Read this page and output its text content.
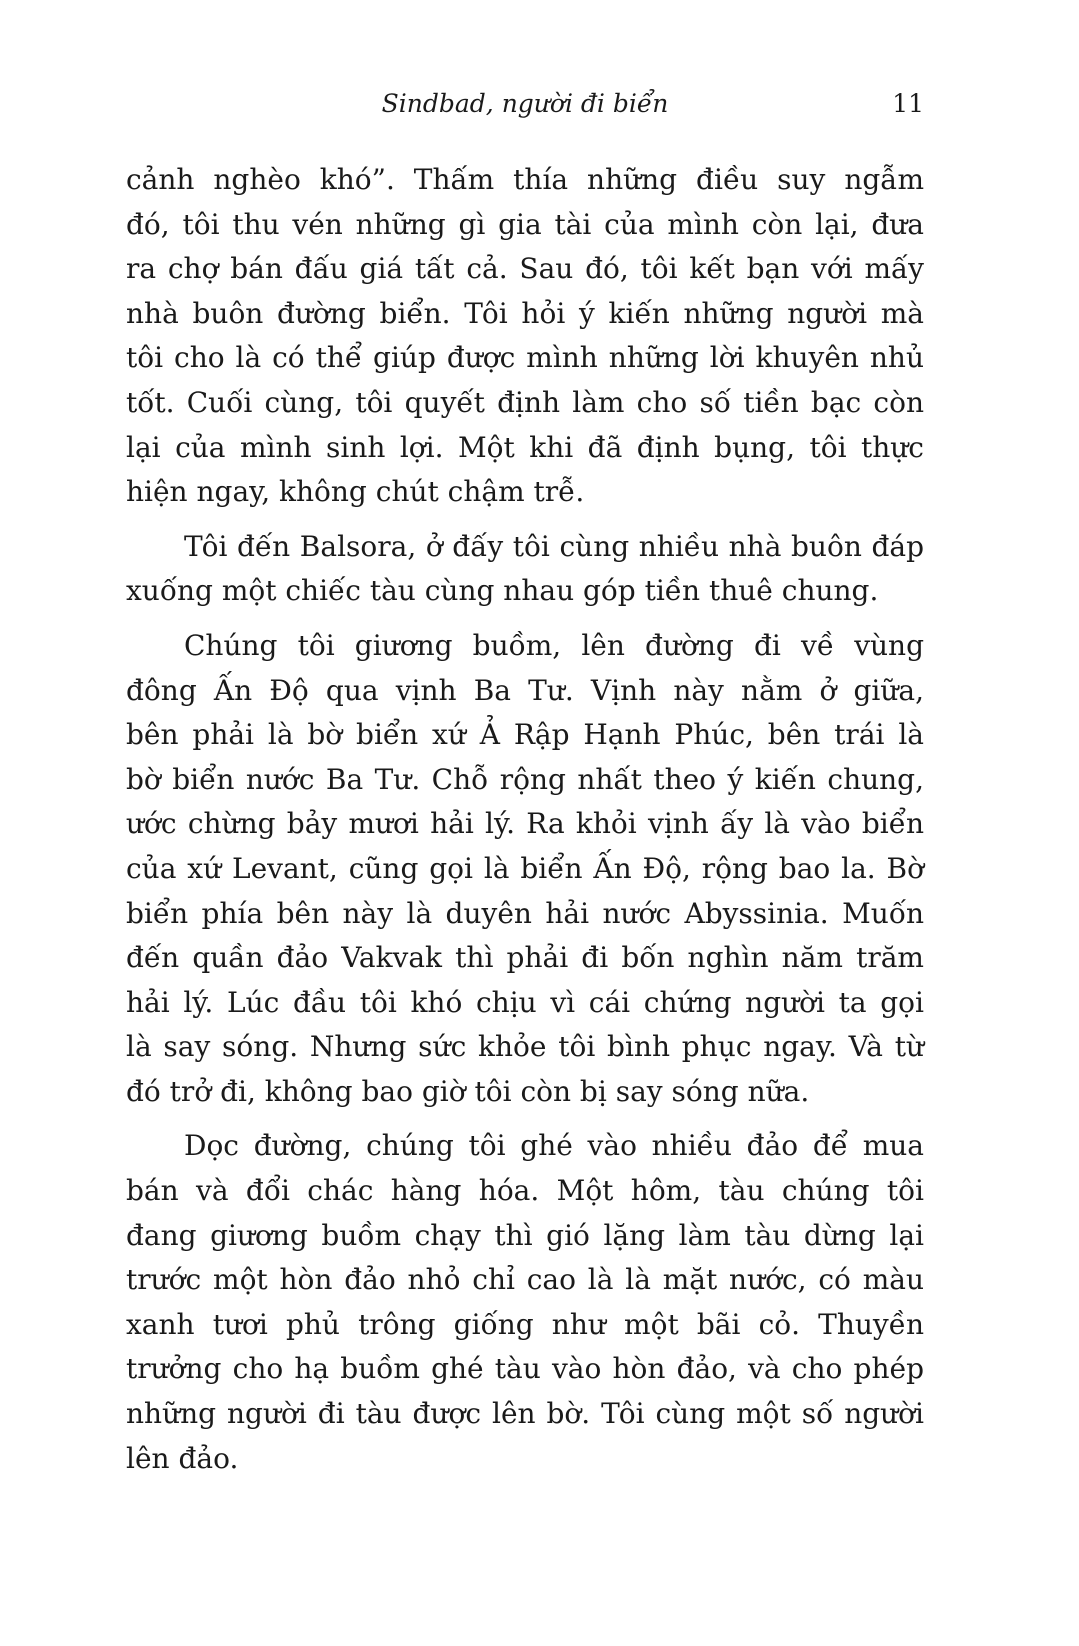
Sindbad, người đi biển	11

cảnh nghèo khó”. Thấm thía những điều suy ngẫm
đó, tôi thu vén những gì gia tài của mình còn lại, đưa
ra chợ bán đấu giá tất cả. Sau đó, tôi kết bạn với mấy
nhà buôn đường biển. Tôi hỏi ý kiến những người mà
tôi cho là có thể giúp được mình những lời khuyên nhủ
tốt. Cuối cùng, tôi quyết định làm cho số tiền bạc còn
lại của mình sinh lợi. Một khi đã định bụng, tôi thực
hiện ngay, không chút chậm trễ.

Tôi đến Balsora, ở đấy tôi cùng nhiều nhà buôn đáp
xuống một chiếc tàu cùng nhau góp tiền thuê chung.

Chúng tôi giương buồm, lên đường đi về vùng
đông Ấn Độ qua vịnh Ba Tư. Vịnh này nằm ở giữa,
bên phải là bờ biển xứ Ả Rập Hạnh Phúc, bên trái là
bờ biển nước Ba Tư. Chỗ rộng nhất theo ý kiến chung,
ước chừng bảy mươi hải lý. Ra khỏi vịnh ấy là vào biển
của xứ Levant, cũng gọi là biển Ấn Độ, rộng bao la. Bờ
biển phía bên này là duyên hải nước Abyssinia. Muốn
đến quần đảo Vakvak thì phải đi bốn nghìn năm trăm
hải lý. Lúc đầu tôi khó chịu vì cái chứng người ta gọi
là say sóng. Nhưng sức khỏe tôi bình phục ngay. Và từ
đó trở đi, không bao giờ tôi còn bị say sóng nữa.

Dọc đường, chúng tôi ghé vào nhiều đảo để mua
bán và đổi chác hàng hóa. Một hôm, tàu chúng tôi
đang giương buồm chạy thì gió lặng làm tàu dừng lại
trước một hòn đảo nhỏ chỉ cao là là mặt nước, có màu
xanh tươi phủ trông giống như một bãi cỏ. Thuyền
trưởng cho hạ buồm ghé tàu vào hòn đảo, và cho phép
những người đi tàu được lên bờ. Tôi cùng một số người
lên đảo.
